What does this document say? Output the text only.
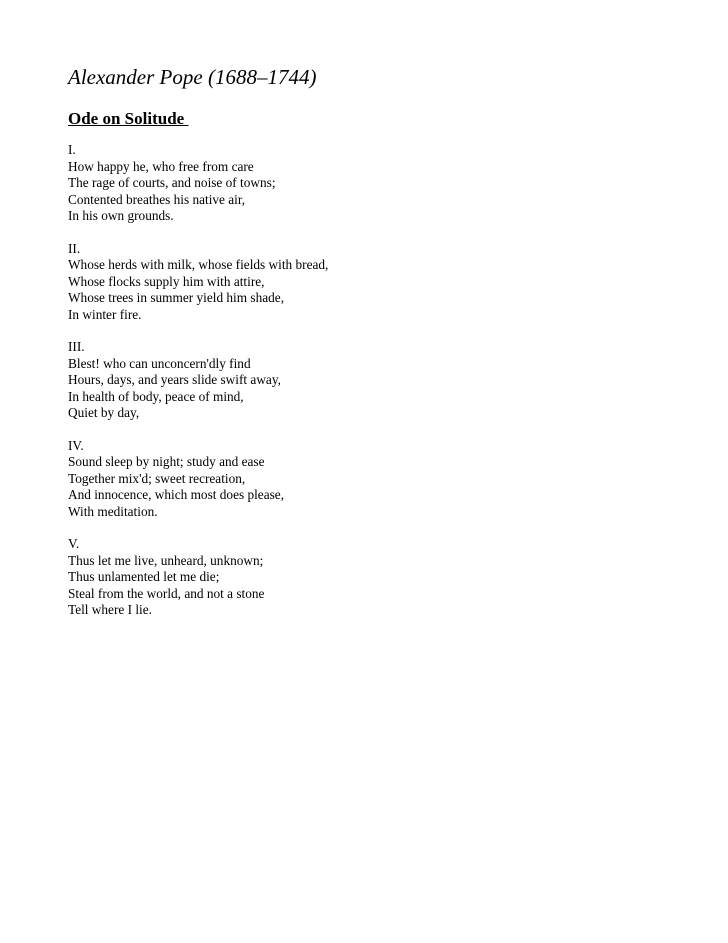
Alexander Pope (1688–1744)
Ode on Solitude
I.
How happy he, who free from care
The rage of courts, and noise of towns;
Contented breathes his native air,
In his own grounds.
II.
Whose herds with milk, whose fields with bread,
Whose flocks supply him with attire,
Whose trees in summer yield him shade,
In winter fire.
III.
Blest! who can unconcern'dly find
Hours, days, and years slide swift away,
In health of body, peace of mind,
Quiet by day,
IV.
Sound sleep by night; study and ease
Together mix'd; sweet recreation,
And innocence, which most does please,
With meditation.
V.
Thus let me live, unheard, unknown;
Thus unlamented let me die;
Steal from the world, and not a stone
Tell where I lie.
